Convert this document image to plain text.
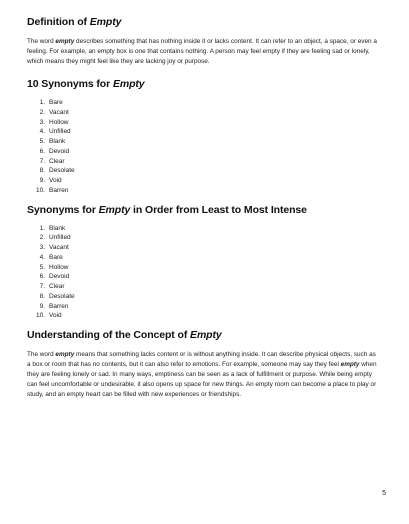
Definition of Empty

The word empty describes something that has nothing inside it or lacks content. It can refer to an object, a space, or even a feeling. For example, an empty box is one that contains nothing. A person may feel empty if they are feeling sad or lonely, which means they might feel like they are lacking joy or purpose.

10 Synonyms for Empty
1. Bare
2. Vacant
3. Hollow
4. Unfilled
5. Blank
6. Devoid
7. Clear
8. Desolate
9. Void
10. Barren
Synonyms for Empty in Order from Least to Most Intense
1. Blank
2. Unfilled
3. Vacant
4. Bare
5. Hollow
6. Devoid
7. Clear
8. Desolate
9. Barren
10. Void
Understanding of the Concept of Empty

The word empty means that something lacks content or is without anything inside. It can describe physical objects, such as a box or room that has no contents, but it can also refer to emotions. For example, someone may say they feel empty when they are feeling lonely or sad. In many ways, emptiness can be seen as a lack of fulfillment or purpose. While being empty can feel uncomfortable or undesirable, it also opens up space for new things. An empty room can become a place to play or study, and an empty heart can be filled with new experiences or friendships.

5
